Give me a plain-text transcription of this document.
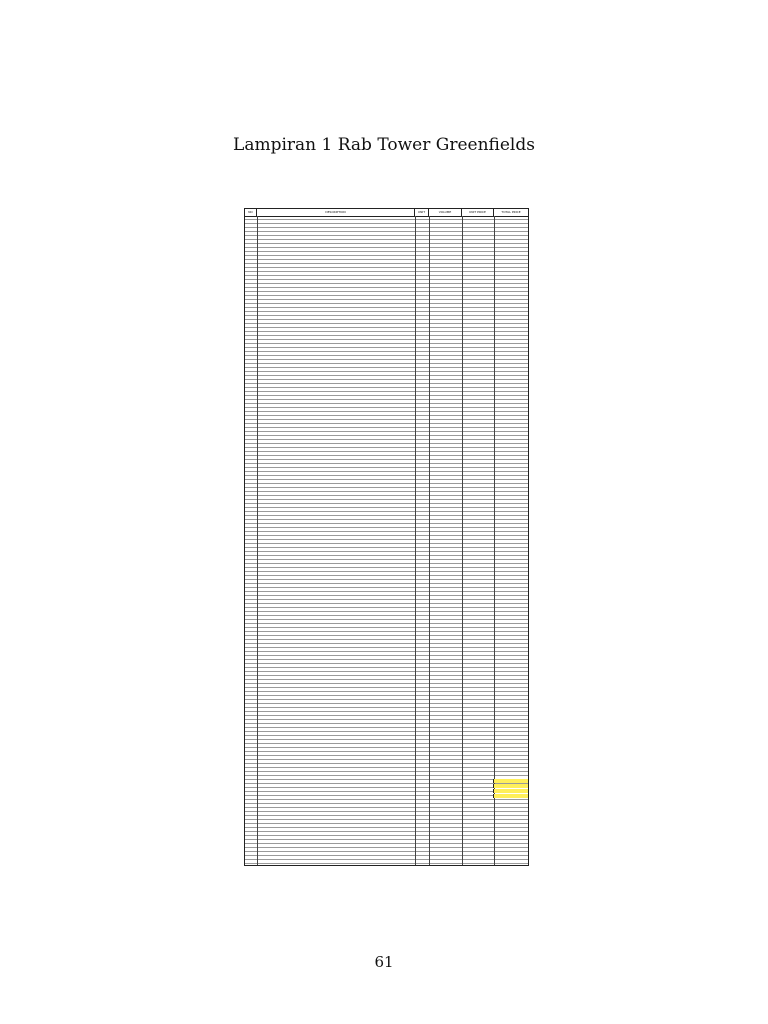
Lampiran 1 Rab Tower Greenfields
NO	DESCRIPTION	UNIT	VOLUME	UNIT PRICE	TOTAL PRICE
61
